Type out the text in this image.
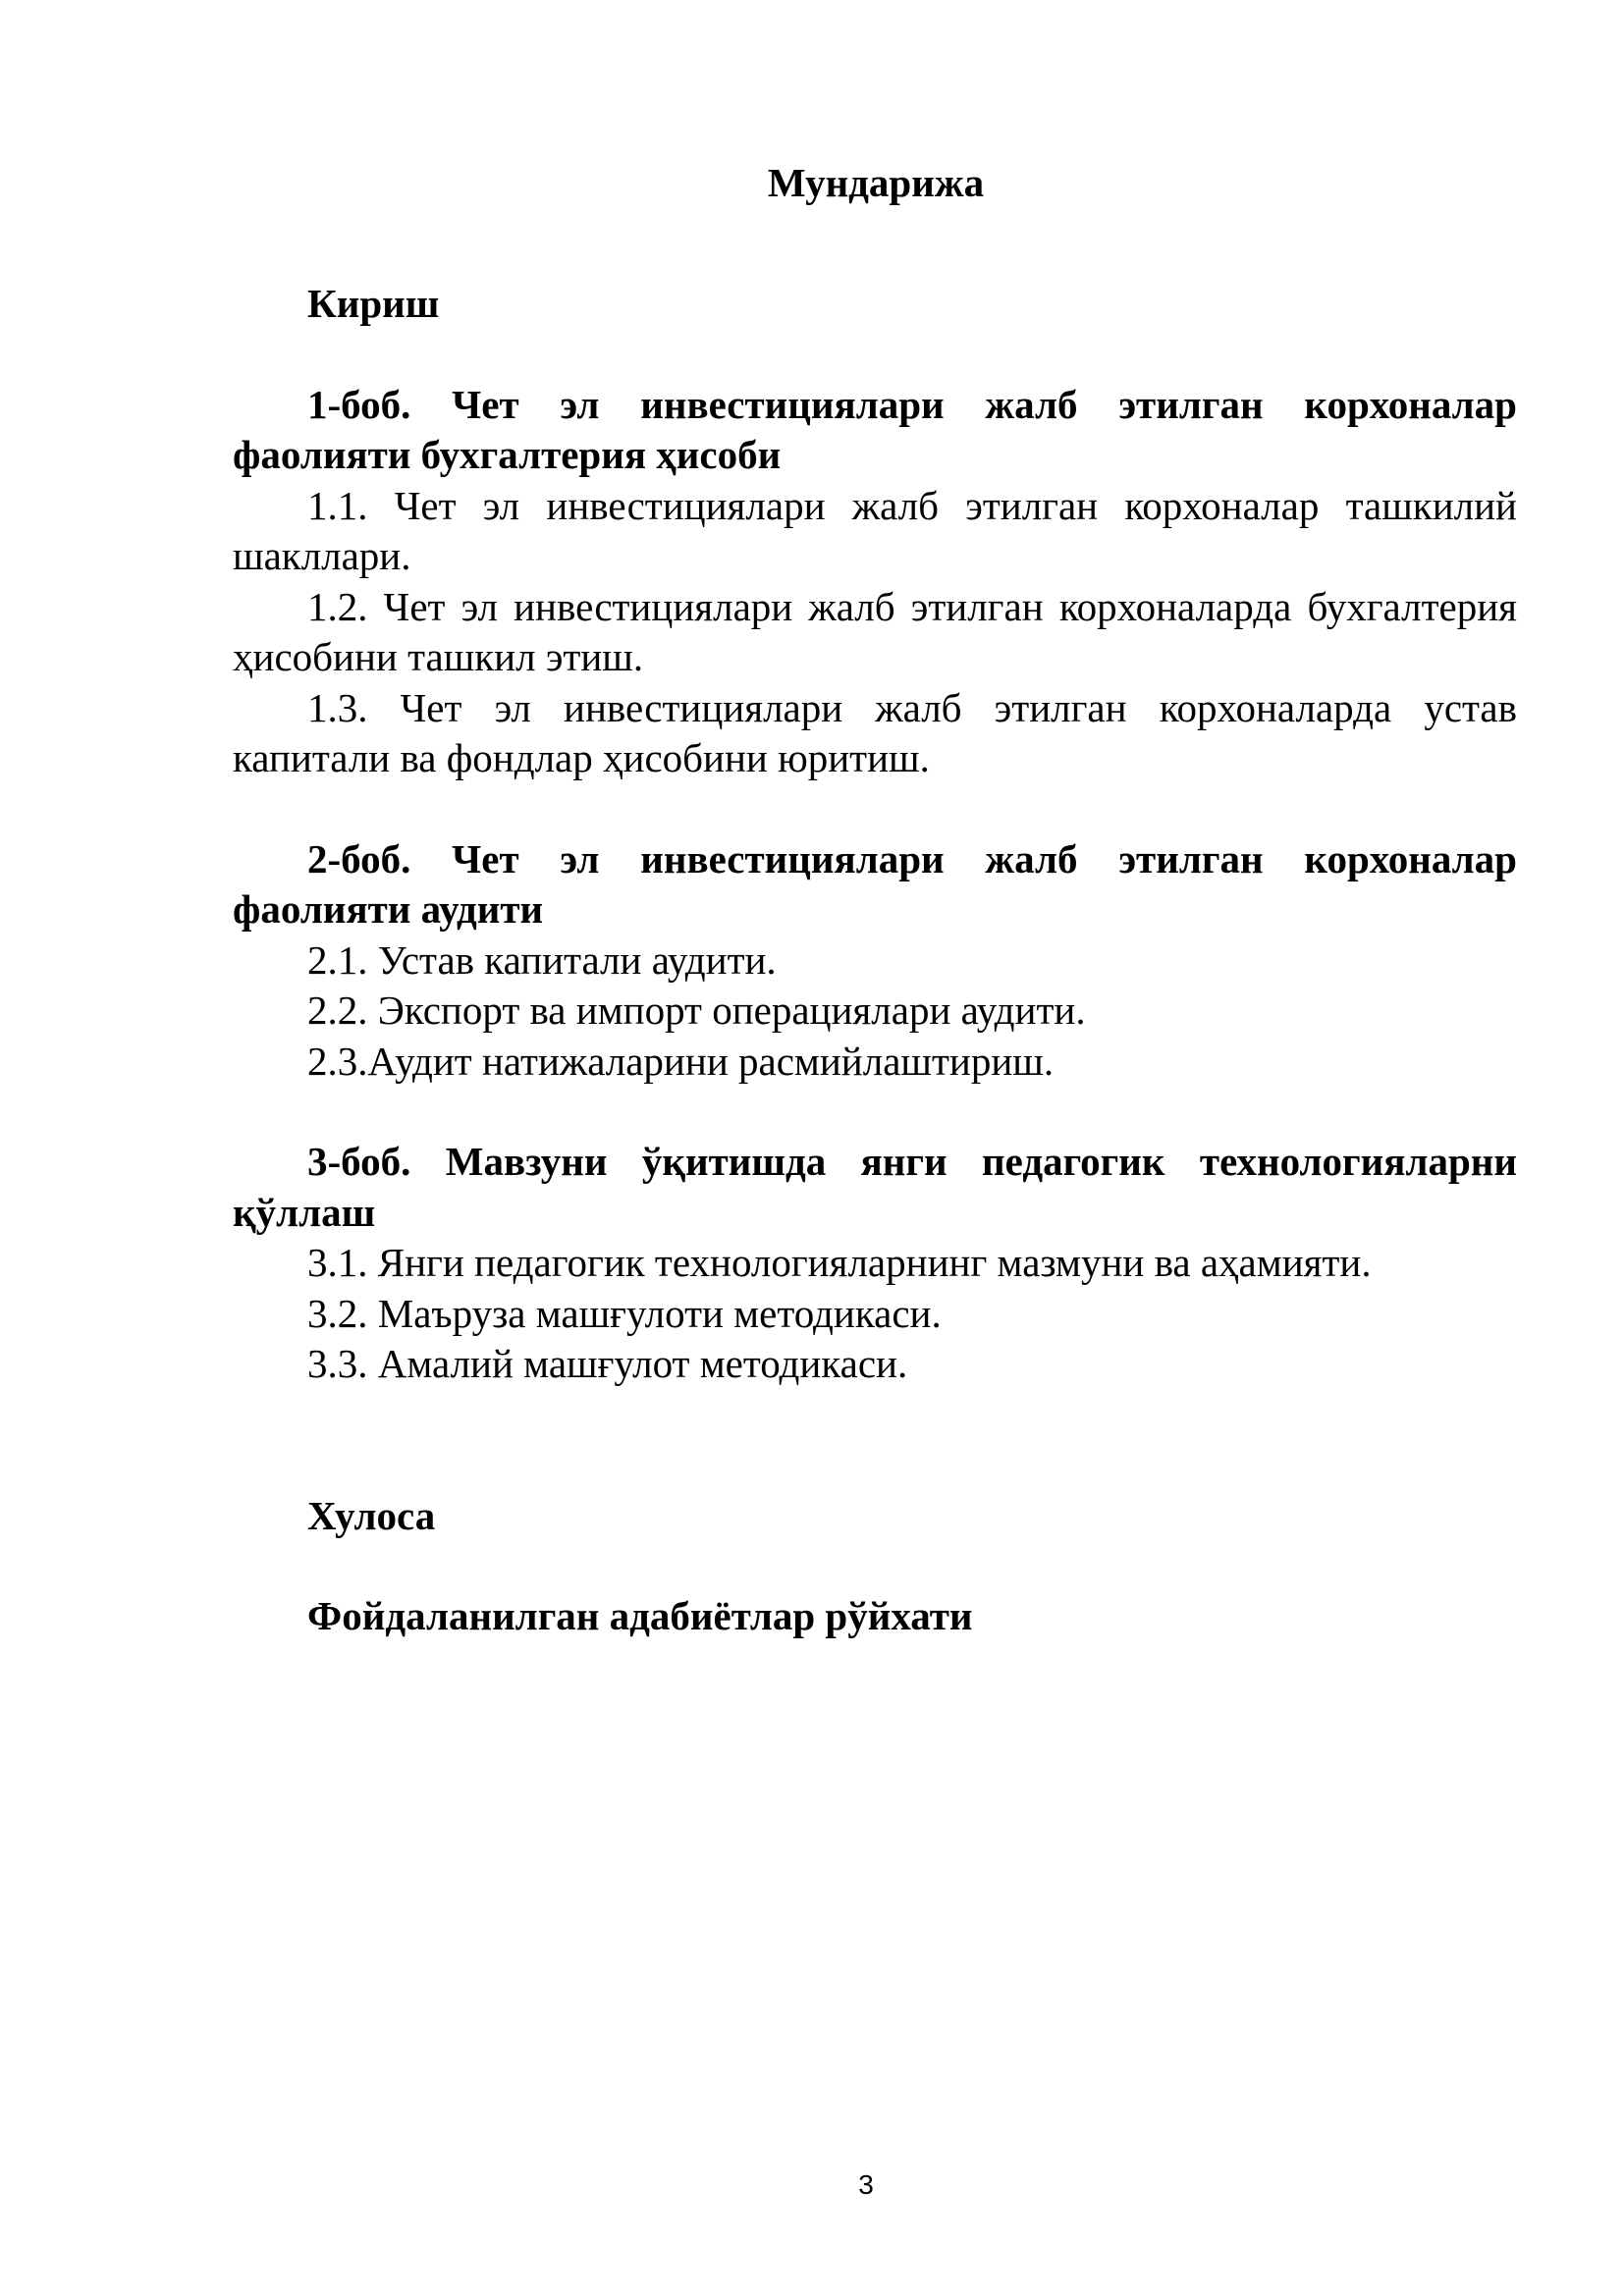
Мундарижа

Кириш

1-боб. Чет эл инвестициялари жалб этилган корхоналар фаолияти бухгалтерия ҳисоби

1.1. Чет эл инвестициялари жалб этилган корхоналар ташкилий шакллари.

1.2. Чет эл инвестициялари жалб этилган корхоналарда бухгалтерия ҳисобини ташкил этиш.

1.3. Чет эл инвестициялари жалб этилган корхоналарда устав капитали ва фондлар ҳисобини юритиш.

2-боб. Чет эл инвестициялари жалб этилган корхоналар фаолияти аудити

2.1. Устав капитали аудити.

2.2. Экспорт ва импорт операциялари аудити.

2.3.Аудит натижаларини расмийлаштириш.

3-боб. Мавзуни ўқитишда янги педагогик технологияларни қўллаш

3.1. Янги педагогик технологияларнинг мазмуни ва аҳамияти.

3.2. Маъруза машғулоти методикаси.

3.3. Амалий машғулот методикаси.

Хулоса

Фойдаланилган адабиётлар рўйхати

3
